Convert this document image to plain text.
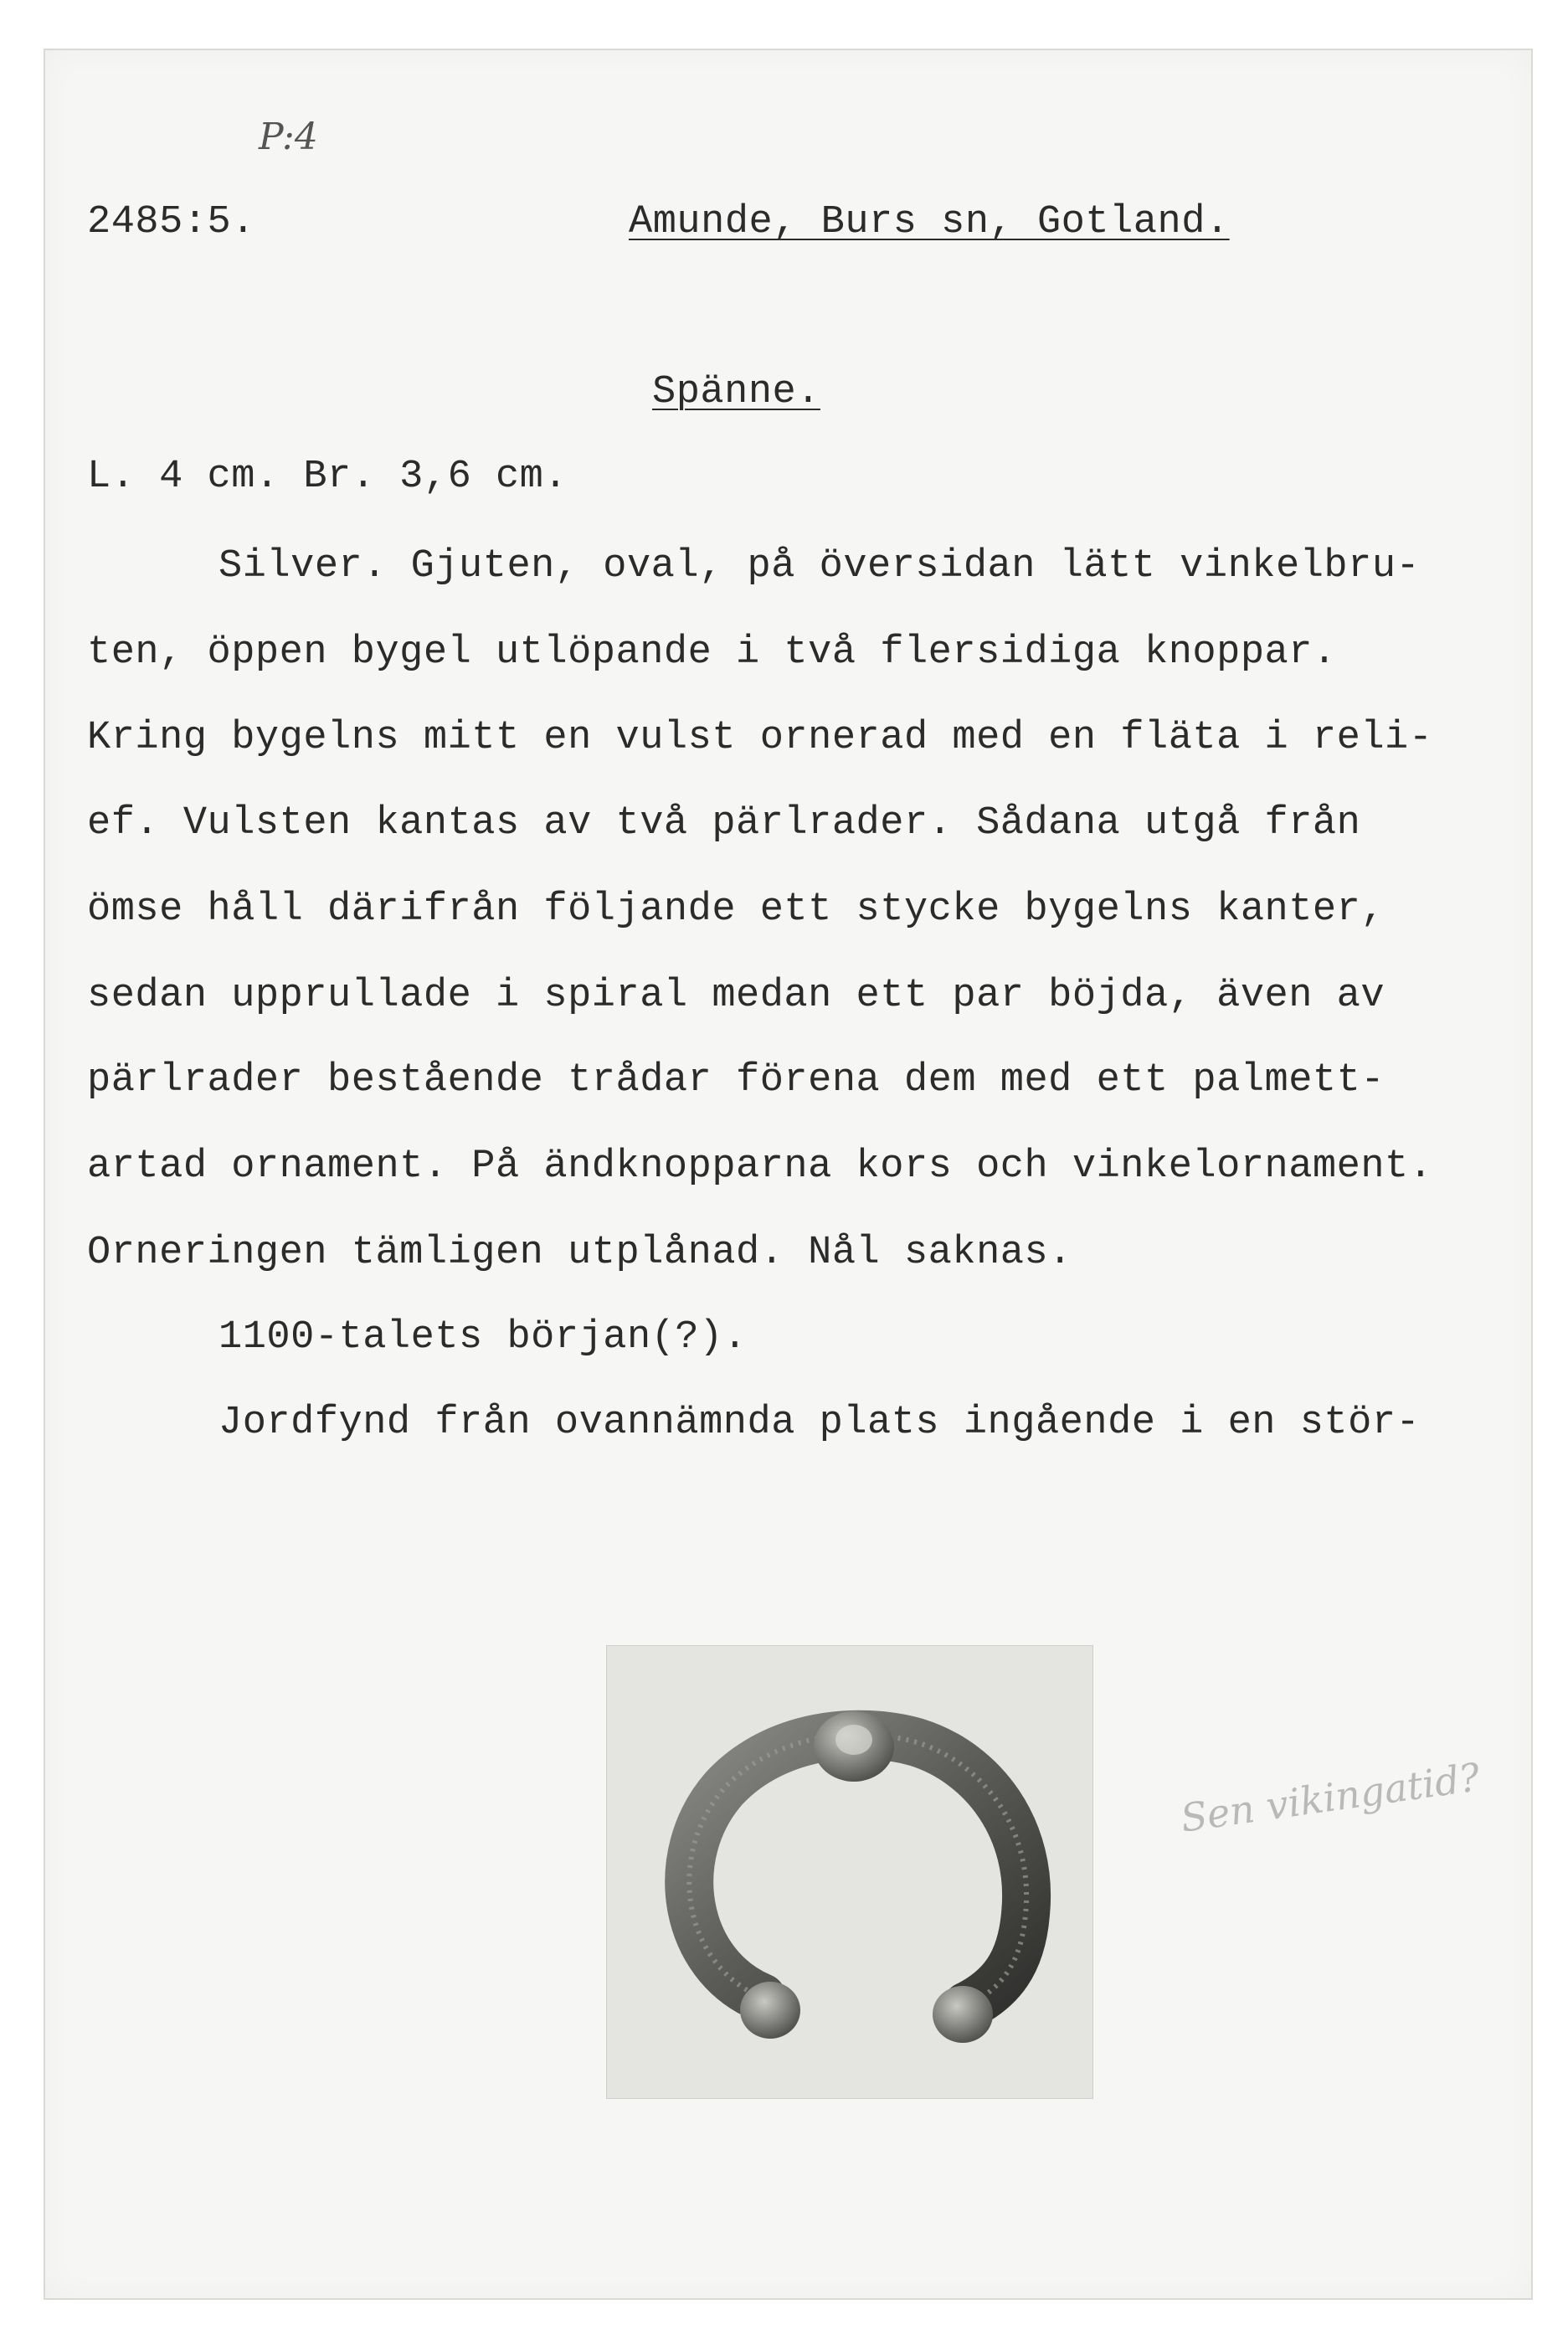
P:4
2485:5.	Amunde, Burs sn, Gotland.
Spänne.
L. 4 cm. Br. 3,6 cm.
Silver. Gjuten, oval, på översidan lätt vinkelbru-
ten, öppen bygel utlöpande i två flersidiga knoppar.
Kring bygelns mitt en vulst ornerad med en fläta i reli-
ef. Vulsten kantas av två pärlrader. Sådana utgå från
ömse håll därifrån följande ett stycke bygelns kanter,
sedan upprullade i spiral medan ett par böjda, även av
pärlrader bestående trådar förena dem med ett palmett-
artad ornament. På ändknopparna kors och vinkelornament.
Orneringen tämligen utplånad. Nål saknas.
1100-talets början(?).
Jordfynd från ovannämnda plats ingående i en stör-
Sen vikingatid?
